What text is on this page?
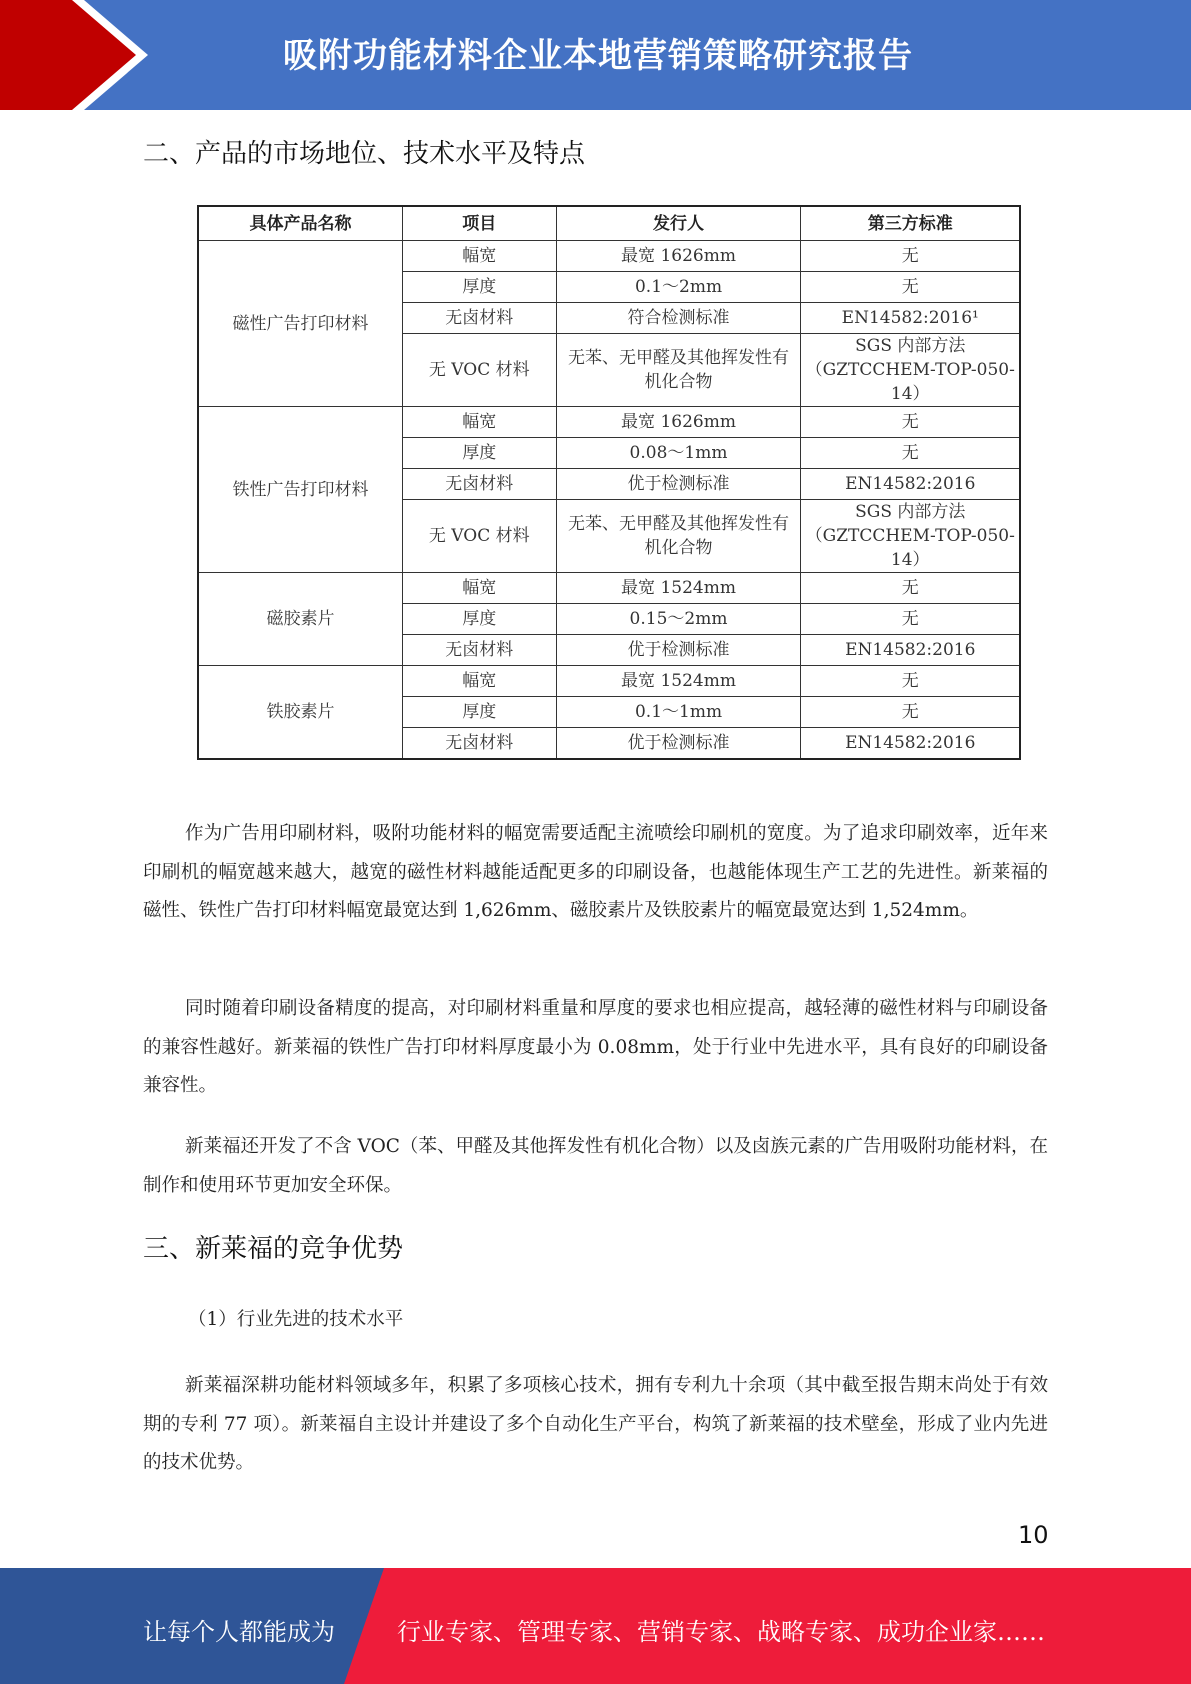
吸附功能材料企业本地营销策略研究报告
二、产品的市场地位、技术水平及特点
具体产品名称	项目	发行人	第三方标准
磁性广告打印材料	幅宽	最宽 1626mm	无
	厚度	0.1～2mm	无
	无卤材料	符合检测标准	EN14582:2016¹
	无 VOC 材料	无苯、无甲醛及其他挥发性有机化合物	SGS 内部方法（GZTCCHEM-TOP-050-14）
铁性广告打印材料	幅宽	最宽 1626mm	无
	厚度	0.08～1mm	无
	无卤材料	优于检测标准	EN14582:2016
	无 VOC 材料	无苯、无甲醛及其他挥发性有机化合物	SGS 内部方法（GZTCCHEM-TOP-050-14）
磁胶素片	幅宽	最宽 1524mm	无
	厚度	0.15～2mm	无
	无卤材料	优于检测标准	EN14582:2016
铁胶素片	幅宽	最宽 1524mm	无
	厚度	0.1～1mm	无
	无卤材料	优于检测标准	EN14582:2016
作为广告用印刷材料，吸附功能材料的幅宽需要适配主流喷绘印刷机的宽度。为了追求印刷效率，近年来印刷机的幅宽越来越大，越宽的磁性材料越能适配更多的印刷设备，也越能体现生产工艺的先进性。新莱福的磁性、铁性广告打印材料幅宽最宽达到 1,626mm、磁胶素片及铁胶素片的幅宽最宽达到 1,524mm。
同时随着印刷设备精度的提高，对印刷材料重量和厚度的要求也相应提高，越轻薄的磁性材料与印刷设备的兼容性越好。新莱福的铁性广告打印材料厚度最小为 0.08mm，处于行业中先进水平，具有良好的印刷设备兼容性。
新莱福还开发了不含 VOC（苯、甲醛及其他挥发性有机化合物）以及卤族元素的广告用吸附功能材料，在制作和使用环节更加安全环保。
三、新莱福的竞争优势
（1）行业先进的技术水平
新莱福深耕功能材料领域多年，积累了多项核心技术，拥有专利九十余项（其中截至报告期末尚处于有效期的专利 77 项）。新莱福自主设计并建设了多个自动化生产平台，构筑了新莱福的技术壁垒，形成了业内先进的技术优势。
10
让每个人都能成为	行业专家、管理专家、营销专家、战略专家、成功企业家……
